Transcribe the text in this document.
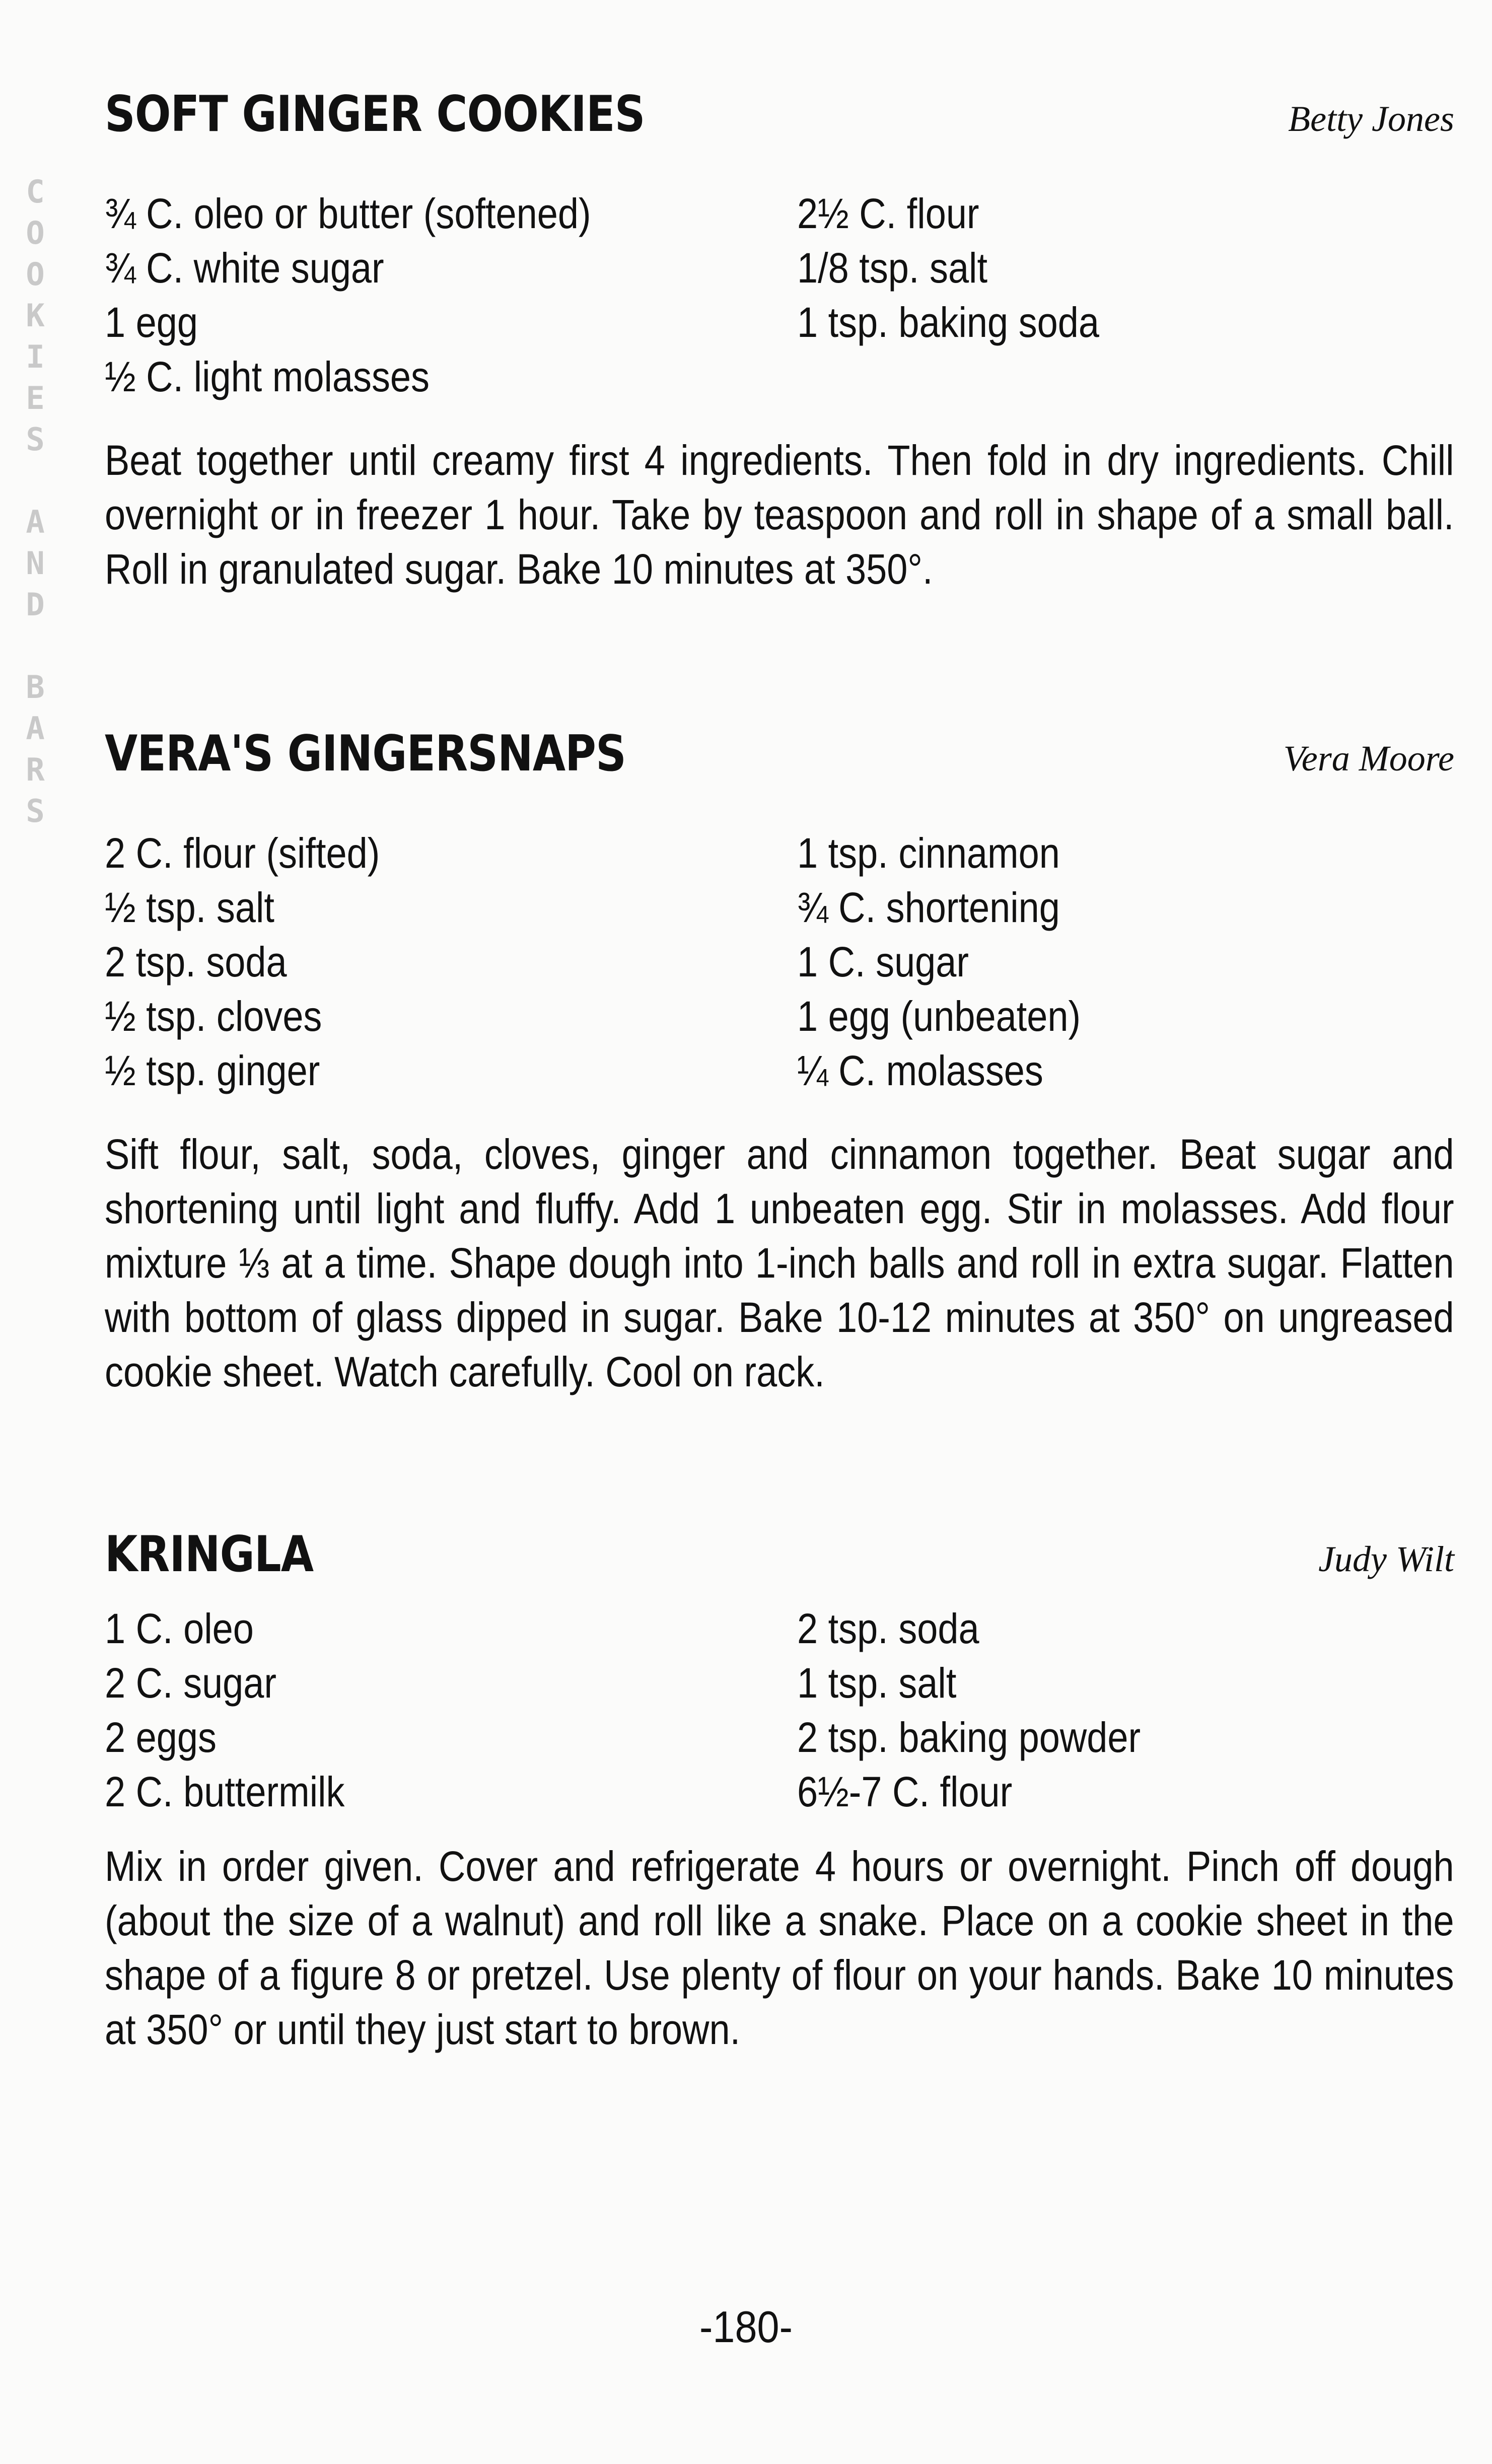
C
O
O
K
I
E
S
A
N
D
B
A
R
S
SOFT GINGER COOKIES	Betty Jones
¾ C. oleo or butter (softened)
¾ C. white sugar
1 egg
½ C. light molasses
2½ C. flour
1/8 tsp. salt
1 tsp. baking soda

Beat together until creamy first 4 ingredients. Then fold in dry ingredients. Chill overnight or in freezer 1 hour. Take by teaspoon and roll in shape of a small ball. Roll in granulated sugar. Bake 10 minutes at 350°.

VERA'S GINGERSNAPS	Vera Moore
2 C. flour (sifted)
½ tsp. salt
2 tsp. soda
½ tsp. cloves
½ tsp. ginger
1 tsp. cinnamon
¾ C. shortening
1 C. sugar
1 egg (unbeaten)
¼ C. molasses

Sift flour, salt, soda, cloves, ginger and cinnamon together. Beat sugar and shortening until light and fluffy. Add 1 unbeaten egg. Stir in molasses. Add flour mixture ⅓ at a time. Shape dough into 1-inch balls and roll in extra sugar. Flatten with bottom of glass dipped in sugar. Bake 10-12 minutes at 350° on ungreased cookie sheet. Watch carefully. Cool on rack.

KRINGLA	Judy Wilt
1 C. oleo
2 C. sugar
2 eggs
2 C. buttermilk
2 tsp. soda
1 tsp. salt
2 tsp. baking powder
6½-7 C. flour

Mix in order given. Cover and refrigerate 4 hours or overnight. Pinch off dough (about the size of a walnut) and roll like a snake. Place on a cookie sheet in the shape of a figure 8 or pretzel. Use plenty of flour on your hands. Bake 10 minutes at 350° or until they just start to brown.

-180-
